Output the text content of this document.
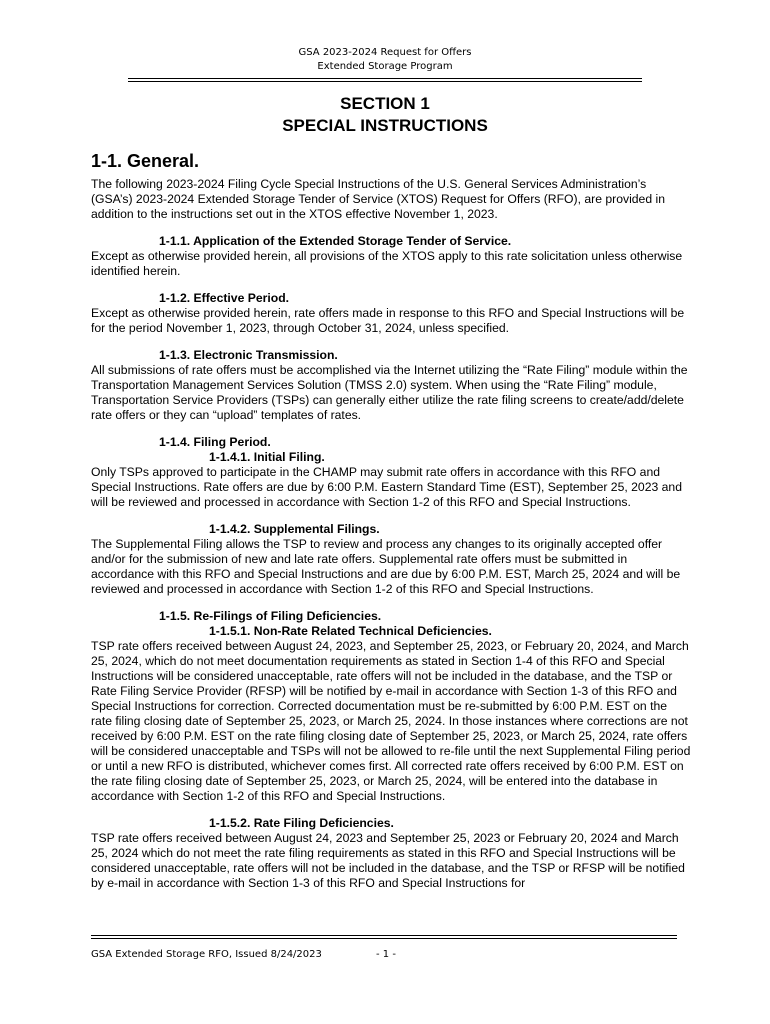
GSA 2023-2024 Request for Offers
Extended Storage Program
SECTION 1
SPECIAL INSTRUCTIONS
1-1. General.
The following 2023-2024 Filing Cycle Special Instructions of the U.S. General Services Administration’s (GSA’s) 2023-2024 Extended Storage Tender of Service (XTOS) Request for Offers (RFO), are provided in addition to the instructions set out in the XTOS effective November 1, 2023.
1-1.1. Application of the Extended Storage Tender of Service.
Except as otherwise provided herein, all provisions of the XTOS apply to this rate solicitation unless otherwise identified herein.
1-1.2. Effective Period.
Except as otherwise provided herein, rate offers made in response to this RFO and Special Instructions will be for the period November 1, 2023, through October 31, 2024, unless specified.
1-1.3. Electronic Transmission.
All submissions of rate offers must be accomplished via the Internet utilizing the “Rate Filing” module within the Transportation Management Services Solution (TMSS 2.0) system. When using the “Rate Filing” module, Transportation Service Providers (TSPs) can generally either utilize the rate filing screens to create/add/delete rate offers or they can “upload” templates of rates.
1-1.4. Filing Period.
1-1.4.1. Initial Filing.
Only TSPs approved to participate in the CHAMP may submit rate offers in accordance with this RFO and Special Instructions. Rate offers are due by 6:00 P.M. Eastern Standard Time (EST), September 25, 2023 and will be reviewed and processed in accordance with Section 1-2 of this RFO and Special Instructions.
1-1.4.2. Supplemental Filings.
The Supplemental Filing allows the TSP to review and process any changes to its originally accepted offer and/or for the submission of new and late rate offers. Supplemental rate offers must be submitted in accordance with this RFO and Special Instructions and are due by 6:00 P.M. EST, March 25, 2024 and will be reviewed and processed in accordance with Section 1-2 of this RFO and Special Instructions.
1-1.5. Re-Filings of Filing Deficiencies.
1-1.5.1. Non-Rate Related Technical Deficiencies.
TSP rate offers received between August 24, 2023, and September 25, 2023, or February 20, 2024, and March 25, 2024, which do not meet documentation requirements as stated in Section 1-4 of this RFO and Special Instructions will be considered unacceptable, rate offers will not be included in the database, and the TSP or Rate Filing Service Provider (RFSP) will be notified by e-mail in accordance with Section 1-3 of this RFO and Special Instructions for correction. Corrected documentation must be re-submitted by 6:00 P.M. EST on the rate filing closing date of September 25, 2023, or March 25, 2024. In those instances where corrections are not received by 6:00 P.M. EST on the rate filing closing date of September 25, 2023, or March 25, 2024, rate offers will be considered unacceptable and TSPs will not be allowed to re-file until the next Supplemental Filing period or until a new RFO is distributed, whichever comes first. All corrected rate offers received by 6:00 P.M. EST on the rate filing closing date of September 25, 2023, or March 25, 2024, will be entered into the database in accordance with Section 1-2 of this RFO and Special Instructions.
1-1.5.2. Rate Filing Deficiencies.
TSP rate offers received between August 24, 2023 and September 25, 2023 or February 20, 2024 and March 25, 2024 which do not meet the rate filing requirements as stated in this RFO and Special Instructions will be considered unacceptable, rate offers will not be included in the database, and the TSP or RFSP will be notified by e-mail in accordance with Section 1-3 of this RFO and Special Instructions for
GSA Extended Storage RFO, Issued 8/24/2023	- 1 -
